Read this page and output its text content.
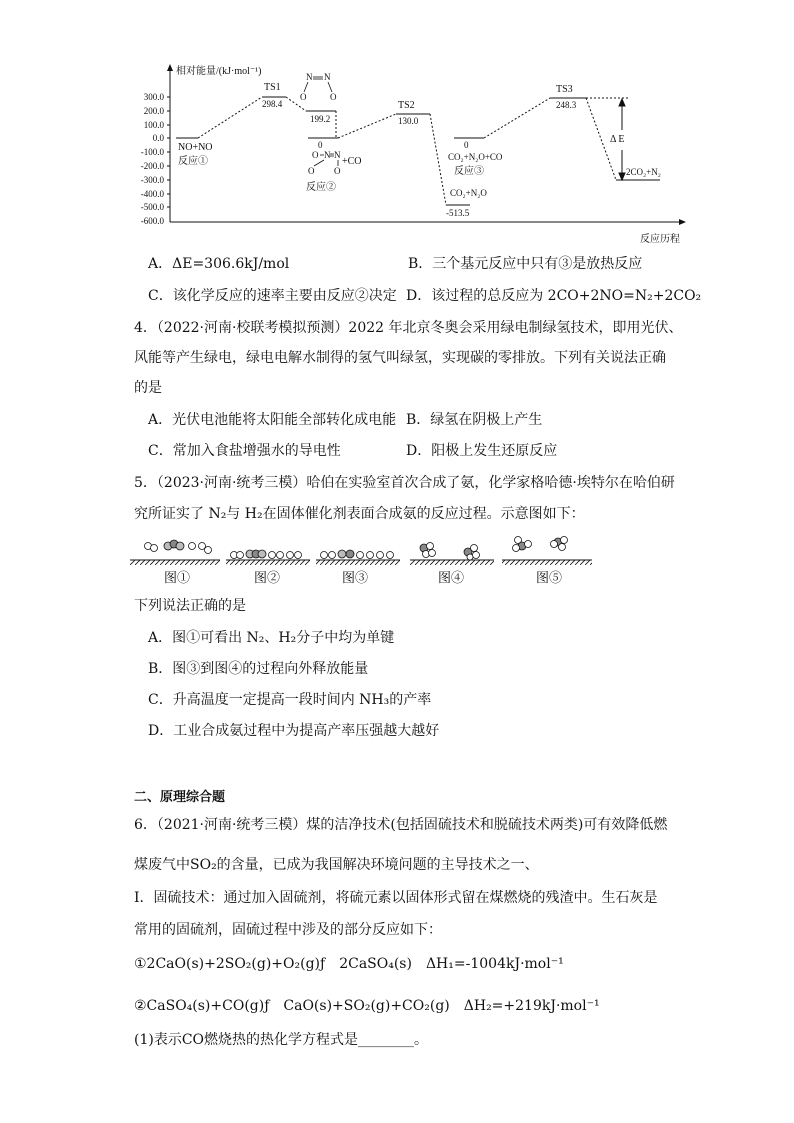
相对能量/(kJ·mol⁻¹)
反应历程
300.0
200.0
100.0
0.0
-100.0
-200.0
-300.0
-400.0
-500.0
-600.0
NO+NO
反应①
TS1
298.4
199.2
0
TS2
130.0
反应②
+CO
0
CO₂+N₂O+CO
反应③
CO₂+N₂O
-513.5
TS3
248.3
Δ E
2CO₂+N₂
N N
O	O
O N N
O O
A．ΔE=306.6kJ/mol	B．三个基元反应中只有③是放热反应
C．该化学反应的速率主要由反应②决定 D．该过程的总反应为 2CO+2NO=N₂+2CO₂
4．（2022·河南·校联考模拟预测）2022 年北京冬奥会采用绿电制绿氢技术，即用光伏、
风能等产生绿电，绿电电解水制得的氢气叫绿氢，实现碳的零排放。下列有关说法正确
的是
A．光伏电池能将太阳能全部转化成电能 B．绿氢在阴极上产生
C．常加入食盐增强水的导电性	D．阳极上发生还原反应
5．（2023·河南·统考三模）哈伯在实验室首次合成了氨，化学家格哈德·埃特尔在哈伯研
究所证实了 N₂与 H₂在固体催化剂表面合成氨的反应过程。示意图如下：
图①	图②	图③	图④	图⑤
下列说法正确的是
A．图①可看出 N₂、H₂分子中均为单键
B．图③到图④的过程向外释放能量
C．升高温度一定提高一段时间内 NH₃的产率
D．工业合成氨过程中为提高产率压强越大越好
二、原理综合题
6．（2021·河南·统考三模）煤的洁净技术(包括固硫技术和脱硫技术两类)可有效降低燃
煤废气中SO₂的含量，已成为我国解决环境问题的主导技术之一、
Ⅰ．固硫技术：通过加入固硫剂，将硫元素以固体形式留在煤燃烧的残渣中。生石灰是
常用的固硫剂，固硫过程中涉及的部分反应如下：
①2CaO(s)+2SO₂(g)+O₂(g)ƒ　2CaSO₄(s)　ΔH₁=-1004kJ·mol⁻¹
②CaSO₄(s)+CO(g)ƒ　CaO(s)+SO₂(g)+CO₂(g)　ΔH₂=+219kJ·mol⁻¹
(1)表示CO燃烧热的热化学方程式是________。
